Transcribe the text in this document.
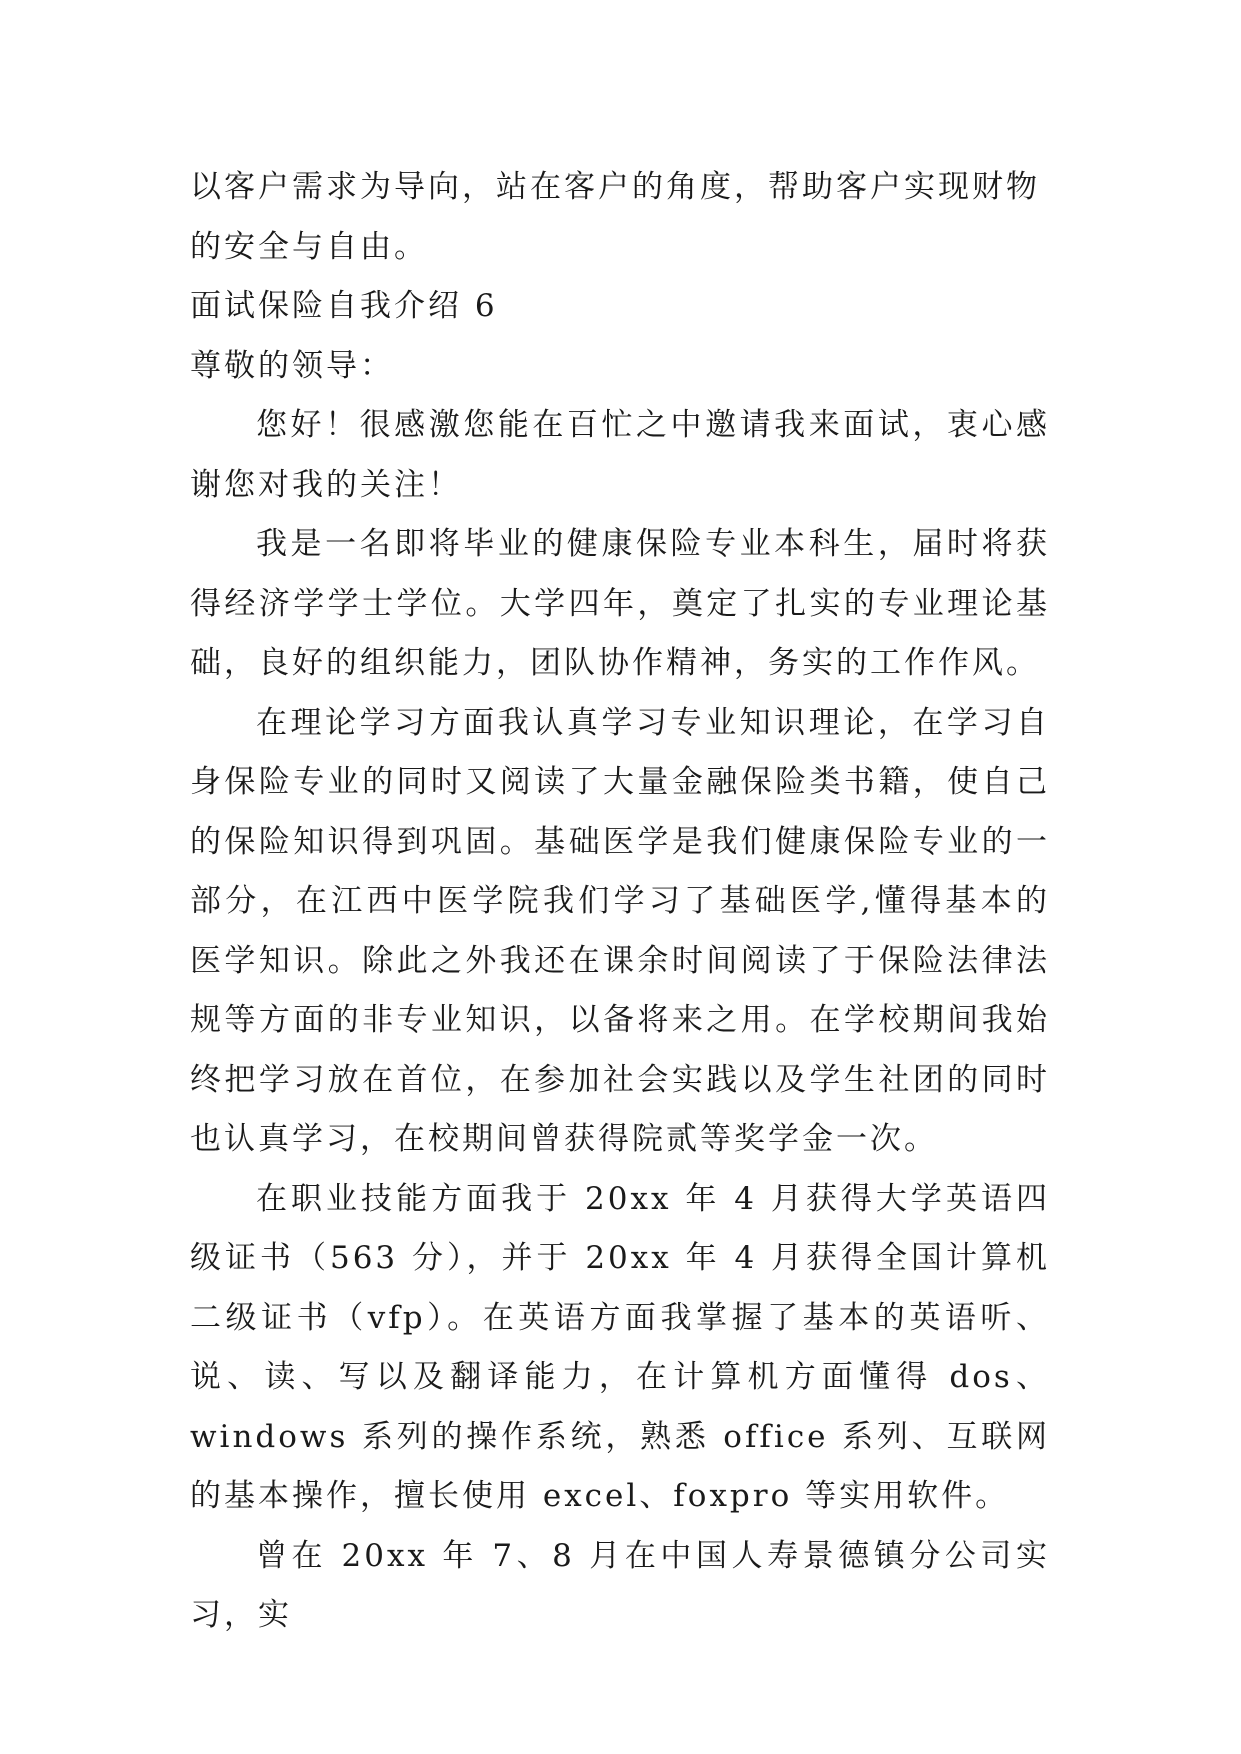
以客户需求为导向，站在客户的角度，帮助客户实现财物的安全与自由。

面试保险自我介绍 6

尊敬的领导：

您好！很感激您能在百忙之中邀请我来面试，衷心感谢您对我的关注！

我是一名即将毕业的健康保险专业本科生，届时将获得经济学学士学位。大学四年，奠定了扎实的专业理论基础，良好的组织能力，团队协作精神，务实的工作作风。

在理论学习方面我认真学习专业知识理论，在学习自身保险专业的同时又阅读了大量金融保险类书籍，使自己的保险知识得到巩固。基础医学是我们健康保险专业的一部分，在江西中医学院我们学习了基础医学,懂得基本的医学知识。除此之外我还在课余时间阅读了于保险法律法规等方面的非专业知识，以备将来之用。在学校期间我始终把学习放在首位，在参加社会实践以及学生社团的同时也认真学习，在校期间曾获得院贰等奖学金一次。

在职业技能方面我于 20xx 年 4 月获得大学英语四级证书（563 分），并于 20xx 年 4 月获得全国计算机二级证书（vfp）。在英语方面我掌握了基本的英语听、说、读、写以及翻译能力，在计算机方面懂得 dos、windows 系列的操作系统，熟悉 office 系列、互联网的基本操作，擅长使用 excel、foxpro 等实用软件。

曾在 20xx 年 7、8 月在中国人寿景德镇分公司实习，实
